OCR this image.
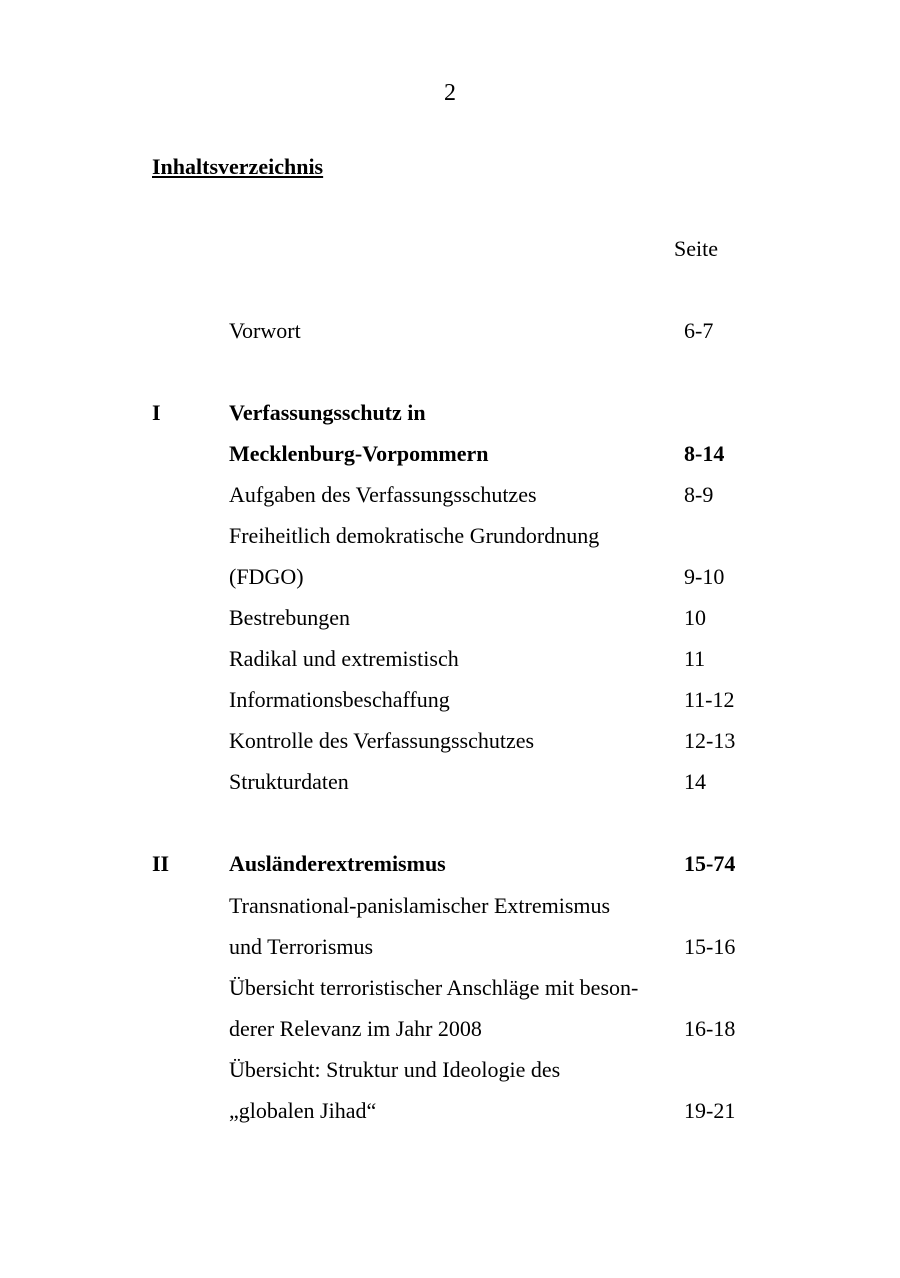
2
Inhaltsverzeichnis
Seite
Vorwort	6-7
I	Verfassungsschutz in
Mecklenburg-Vorpommern	8-14
Aufgaben des Verfassungsschutzes	8-9
Freiheitlich demokratische Grundordnung
(FDGO)	9-10
Bestrebungen	10
Radikal und extremistisch	11
Informationsbeschaffung	11-12
Kontrolle des Verfassungsschutzes	12-13
Strukturdaten	14
II	Ausländerextremismus	15-74
Transnational-panislamischer Extremismus
und Terrorismus	15-16
Übersicht terroristischer Anschläge mit beson-
derer Relevanz im Jahr 2008	16-18
Übersicht: Struktur und Ideologie des
„globalen Jihad“	19-21
